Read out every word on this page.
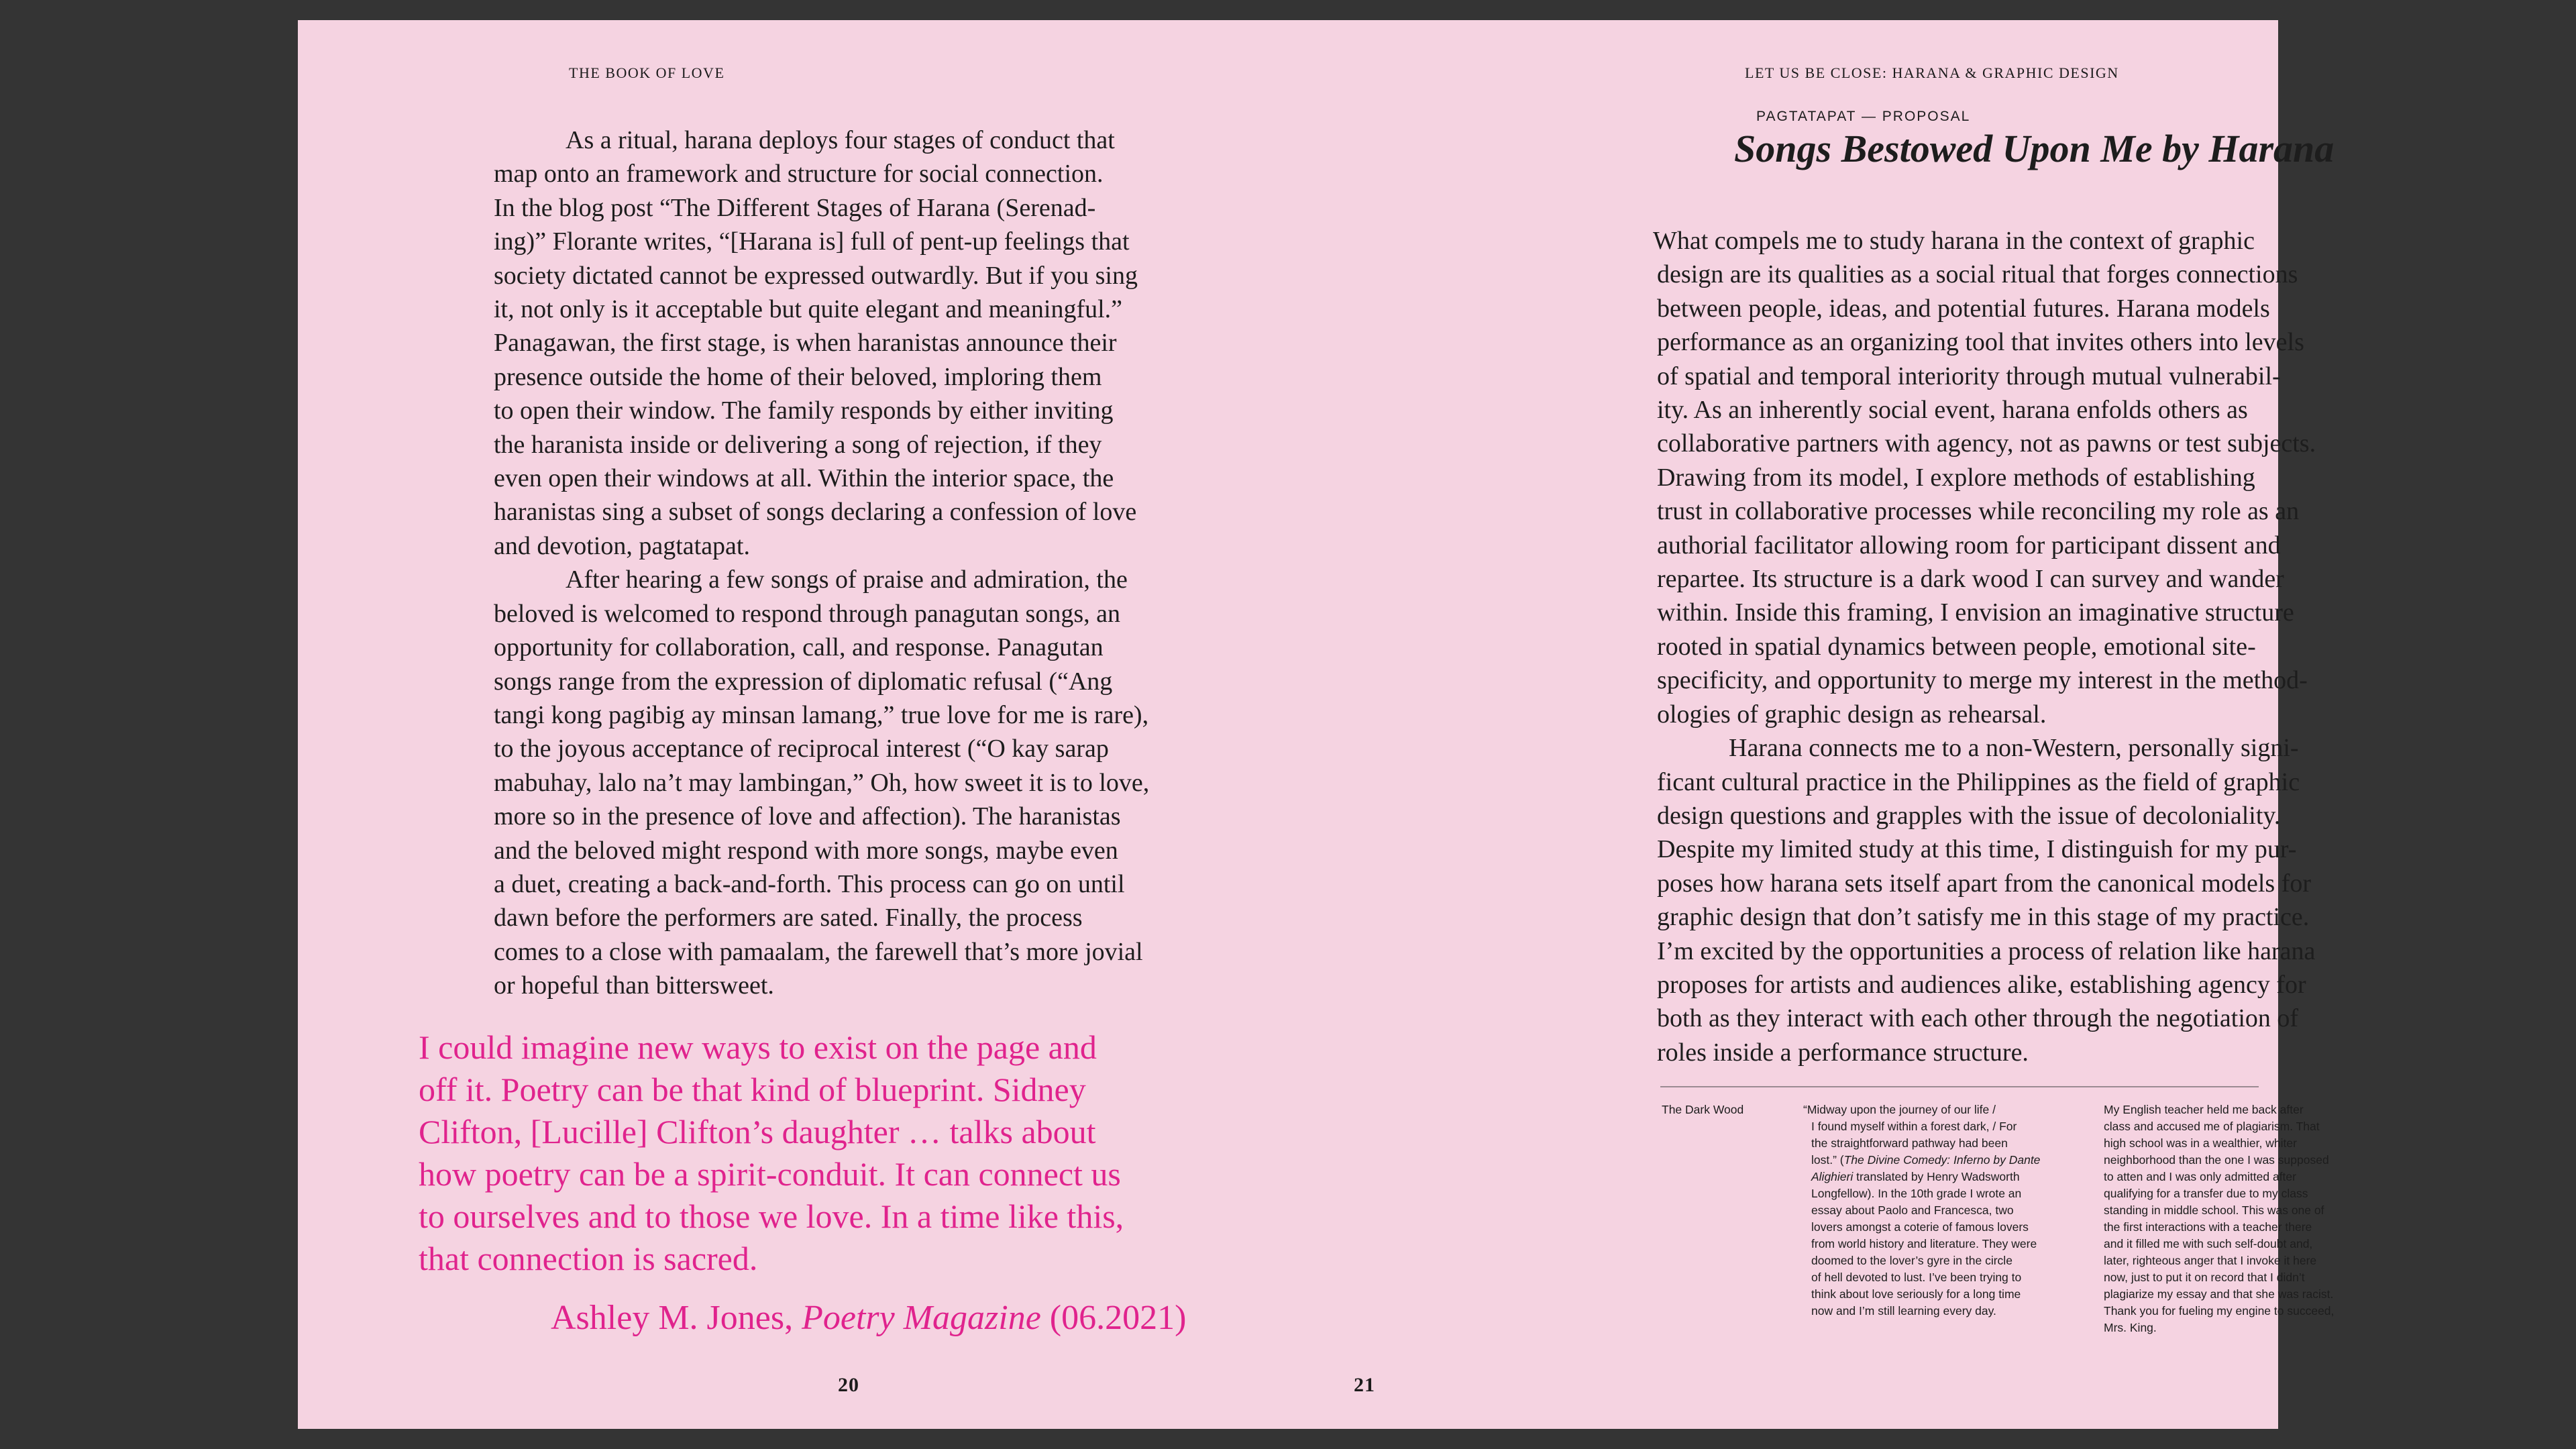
THE BOOK OF LOVE
As a ritual, harana deploys four stages of conduct that
map onto an framework and structure for social connection.
In the blog post “The Different Stages of Harana (Serenad-
ing)” Florante writes, “[Harana is] full of pent-up feelings that
society dictated cannot be expressed outwardly. But if you sing
it, not only is it acceptable but quite elegant and meaningful.”
Panagawan, the first stage, is when haranistas announce their
presence outside the home of their beloved, imploring them
to open their window. The family responds by either inviting
the haranista inside or delivering a song of rejection, if they
even open their windows at all. Within the interior space, the
haranistas sing a subset of songs declaring a confession of love
and devotion, pagtatapat.
After hearing a few songs of praise and admiration, the
beloved is welcomed to respond through panagutan songs, an
opportunity for collaboration, call, and response. Panagutan
songs range from the expression of diplomatic refusal (“Ang
tangi kong pagibig ay minsan lamang,” true love for me is rare),
to the joyous acceptance of reciprocal interest (“O kay sarap
mabuhay, lalo na’t may lambingan,” Oh, how sweet it is to love,
more so in the presence of love and affection). The haranistas
and the beloved might respond with more songs, maybe even
a duet, creating a back-and-forth. This process can go on until
dawn before the performers are sated. Finally, the process
comes to a close with pamaalam, the farewell that’s more jovial
or hopeful than bittersweet.
I could imagine new ways to exist on the page and
off it. Poetry can be that kind of blueprint. Sidney
Clifton, [Lucille] Clifton’s daughter … talks about
how poetry can be a spirit-conduit. It can connect us
to ourselves and to those we love. In a time like this,
that connection is sacred.
Ashley M. Jones, Poetry Magazine (06.2021)
20
LET US BE CLOSE: HARANA & GRAPHIC DESIGN
PAGTATAPAT — PROPOSAL
Songs Bestowed Upon Me by Harana
What compels me to study harana in the context of graphic
design are its qualities as a social ritual that forges connections
between people, ideas, and potential futures. Harana models
performance as an organizing tool that invites others into levels
of spatial and temporal interiority through mutual vulnerabil-
ity. As an inherently social event, harana enfolds others as
collaborative partners with agency, not as pawns or test subjects.
Drawing from its model, I explore methods of establishing
trust in collaborative processes while reconciling my role as an
authorial facilitator allowing room for participant dissent and
repartee. Its structure is a dark wood I can survey and wander
within. Inside this framing, I envision an imaginative structure
rooted in spatial dynamics between people, emotional site-
specificity, and opportunity to merge my interest in the method-
ologies of graphic design as rehearsal.
Harana connects me to a non-Western, personally signi-
ficant cultural practice in the Philippines as the field of graphic
design questions and grapples with the issue of decoloniality.
Despite my limited study at this time, I distinguish for my pur-
poses how harana sets itself apart from the canonical models for
graphic design that don’t satisfy me in this stage of my practice.
I’m excited by the opportunities a process of relation like harana
proposes for artists and audiences alike, establishing agency for
both as they interact with each other through the negotiation of
roles inside a performance structure.
The Dark Wood	“Midway upon the journey of our life /
I found myself within a forest dark, / For
the straightforward pathway had been
lost.” (The Divine Comedy: Inferno by Dante
Alighieri translated by Henry Wadsworth
Longfellow). In the 10th grade I wrote an
essay about Paolo and Francesca, two
lovers amongst a coterie of famous lovers
from world history and literature. They were
doomed to the lover’s gyre in the circle
of hell devoted to lust. I’ve been trying to
think about love seriously for a long time
now and I’m still learning every day.
My English teacher held me back after
class and accused me of plagiarism. That
high school was in a wealthier, whiter
neighborhood than the one I was supposed
to atten and I was only admitted after
qualifying for a transfer due to my class
standing in middle school. This was one of
the first interactions with a teacher there
and it filled me with such self-doubt and,
later, righteous anger that I invoke it here
now, just to put it on record that I didn’t
plagiarize my essay and that she was racist.
Thank you for fueling my engine to succeed,
Mrs. King.
21
